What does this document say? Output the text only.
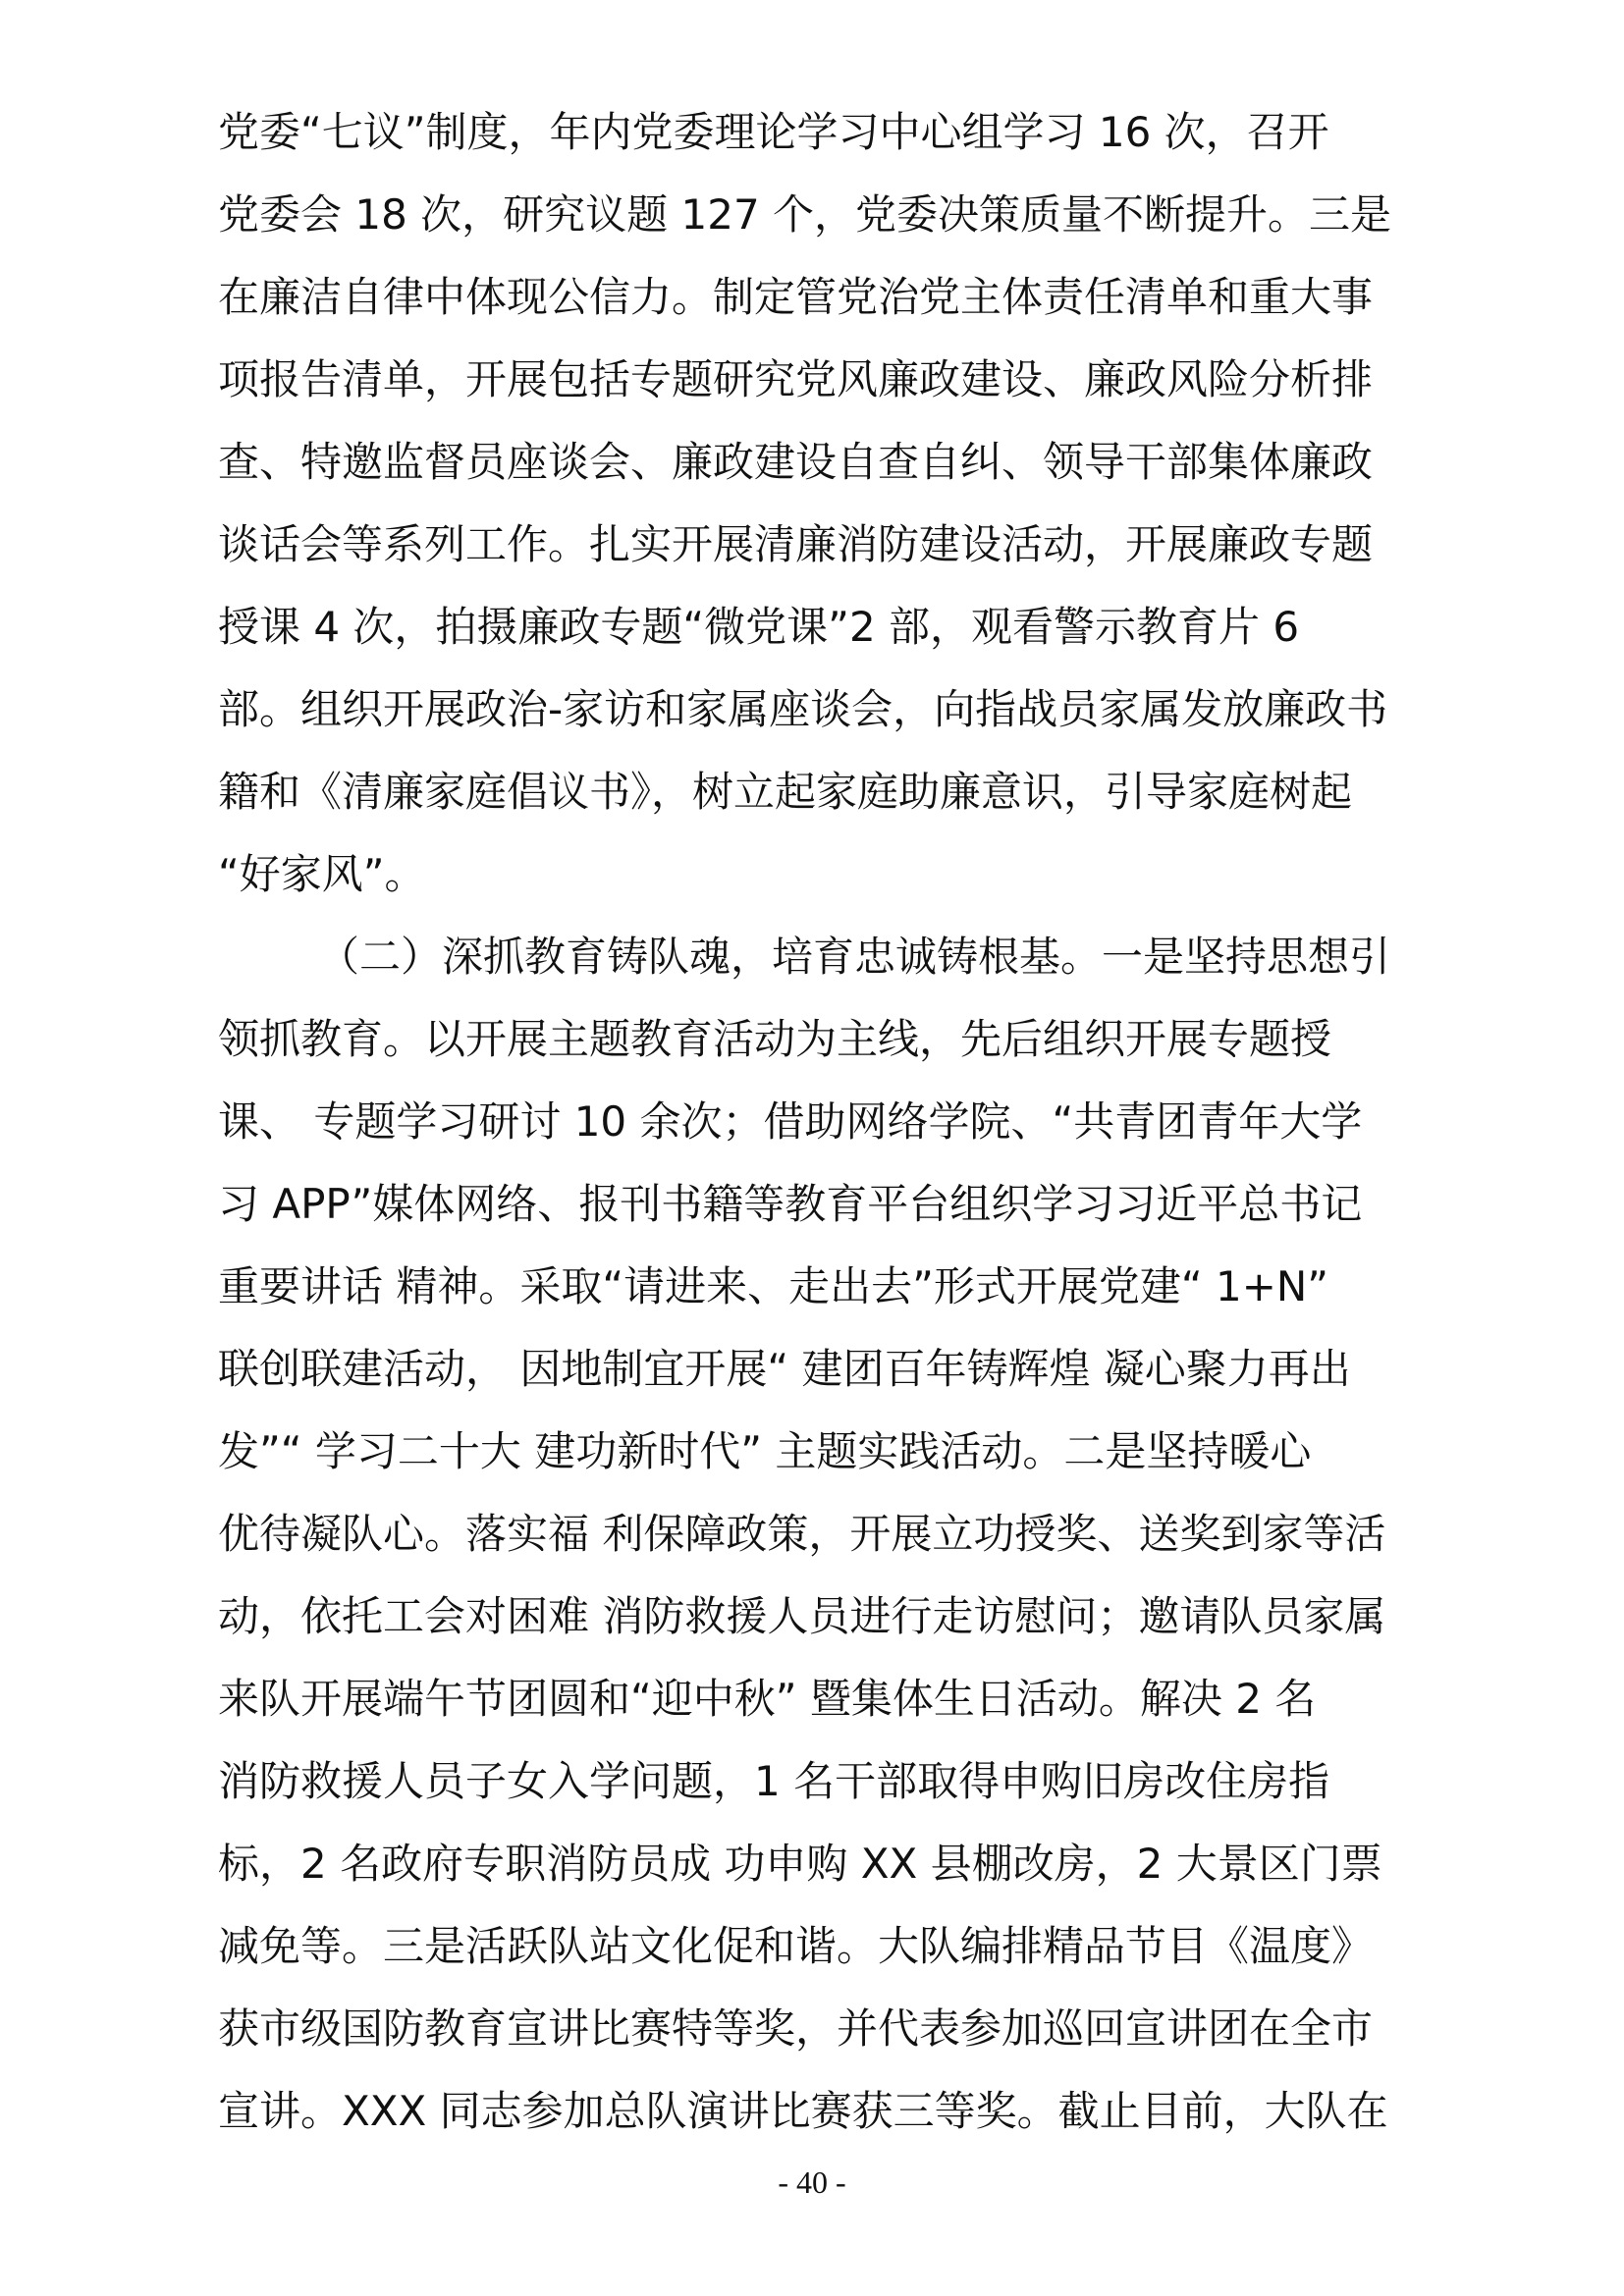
党委“七议”制度，年内党委理论学习中心组学习 16 次，召开
党委会 18 次，研究议题 127 个，党委决策质量不断提升。三是
在廉洁自律中体现公信力。制定管党治党主体责任清单和重大事
项报告清单，开展包括专题研究党风廉政建设、廉政风险分析排
查、特邀监督员座谈会、廉政建设自查自纠、领导干部集体廉政
谈话会等系列工作。扎实开展清廉消防建设活动，开展廉政专题
授课 4 次，拍摄廉政专题“微党课”2 部，观看警示教育片 6
部。组织开展政治-家访和家属座谈会，向指战员家属发放廉政书
籍和《清廉家庭倡议书》，树立起家庭助廉意识，引导家庭树起
“好家风”。
（二）深抓教育铸队魂，培育忠诚铸根基。一是坚持思想引
领抓教育。以开展主题教育活动为主线，先后组织开展专题授
课、 专题学习研讨 10 余次；借助网络学院、“共青团青年大学
习 APP”媒体网络、报刊书籍等教育平台组织学习习近平总书记
重要讲话 精神。采取“请进来、走出去”形式开展党建“ 1+N”
联创联建活动， 因地制宜开展“ 建团百年铸辉煌 凝心聚力再出
发”“ 学习二十大 建功新时代” 主题实践活动。二是坚持暖心
优待凝队心。落实福 利保障政策，开展立功授奖、送奖到家等活
动，依托工会对困难 消防救援人员进行走访慰问；邀请队员家属
来队开展端午节团圆和“迎中秋” 暨集体生日活动。解决 2 名
消防救援人员子女入学问题，1 名干部取得申购旧房改住房指
标，2 名政府专职消防员成 功申购 XX 县棚改房，2 大景区门票
减免等。三是活跃队站文化促和谐。大队编排精品节目《温度》
获市级国防教育宣讲比赛特等奖，并代表参加巡回宣讲团在全市
宣讲。XXX 同志参加总队演讲比赛获三等奖。截止目前，大队在
- 40 -
